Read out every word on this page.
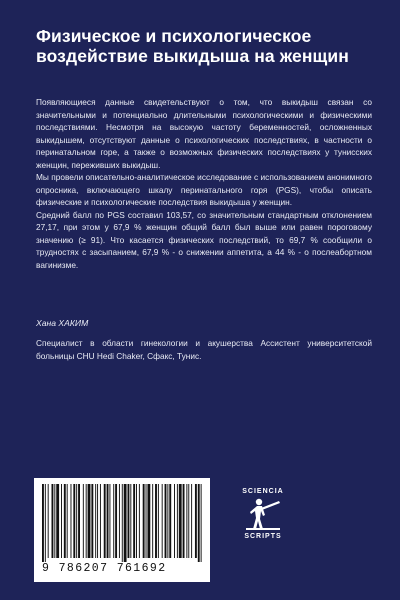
Физическое и психологическое воздействие выкидыша на женщин

Появляющиеся данные свидетельствуют о том, что выкидыш связан со значительными и потенциально длительными психологическими и физическими последствиями. Несмотря на высокую частоту беременностей, осложненных выкидышем, отсутствуют данные о психологических последствиях, в частности о перинатальном горе, а также о возможных физических последствиях у тунисских женщин, переживших выкидыш.

Мы провели описательно-аналитическое исследование с использованием анонимного опросника, включающего шкалу перинатального горя (PGS), чтобы описать физические и психологические последствия выкидыша у женщин.

Средний балл по PGS составил 103,57, со значительным стандартным отклонением 27,17, при этом у 67,9 % женщин общий балл был выше или равен пороговому значению (≥ 91). Что касается физических последствий, то 69,7 % сообщили о трудностях с засыпанием, 67,9 % - о снижении аппетита, а 44 % - о послеабортном вагинизме.

Хана ХАКИМ
Специалист в области гинекологии и акушерства Ассистент университетской больницы CHU Hedi Chaker, Сфакс, Тунис.
9 786207 761692
SCIENCIA
SCRIPTS
